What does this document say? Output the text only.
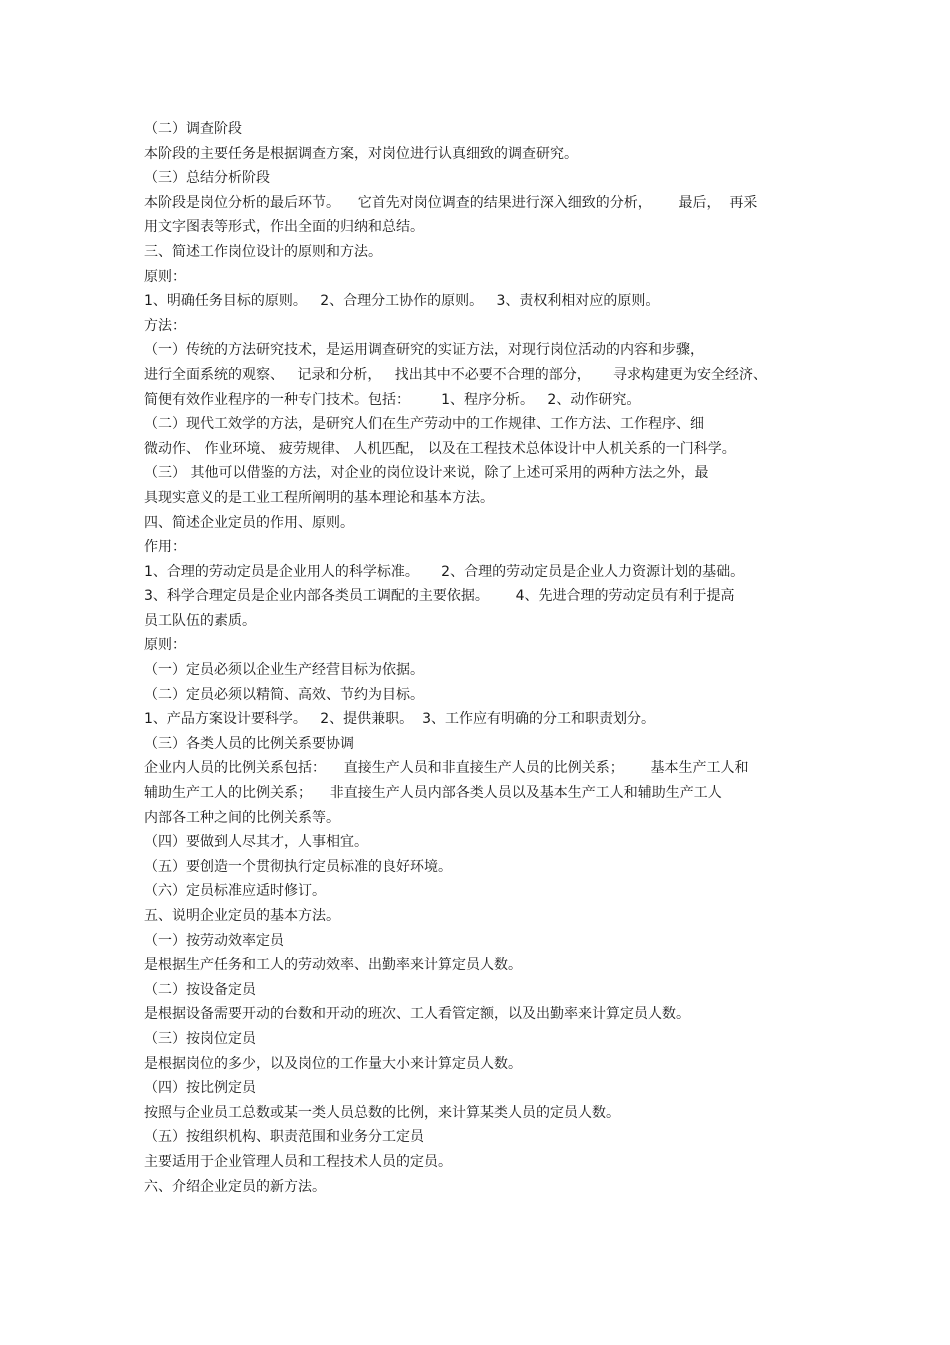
（二）调查阶段
本阶段的主要任务是根据调查方案，对岗位进行认真细致的调查研究。
（三）总结分析阶段
本阶段是岗位分析的最后环节。    它首先对岗位调查的结果进行深入细致的分析，      最后，  再采
用文字图表等形式，作出全面的归纳和总结。
三、简述工作岗位设计的原则和方法。
原则：
1、明确任务目标的原则。   2、合理分工协作的原则。   3、责权利相对应的原则。
方法：
（一）传统的方法研究技术，是运用调查研究的实证方法，对现行岗位活动的内容和步骤，
进行全面系统的观察、   记录和分析，   找出其中不必要不合理的部分，     寻求构建更为安全经济、
简便有效作业程序的一种专门技术。包括：       1、程序分析。   2、动作研究。
（二）现代工效学的方法，是研究人们在生产劳动中的工作规律、工作方法、工作程序、细
微动作、 作业环境、 疲劳规律、 人机匹配， 以及在工程技术总体设计中人机关系的一门科学。
（三） 其他可以借鉴的方法，对企业的岗位设计来说，除了上述可采用的两种方法之外，最
具现实意义的是工业工程所阐明的基本理论和基本方法。
四、简述企业定员的作用、原则。
作用：
1、合理的劳动定员是企业用人的科学标准。     2、合理的劳动定员是企业人力资源计划的基础。
3、科学合理定员是企业内部各类员工调配的主要依据。      4、先进合理的劳动定员有利于提高
员工队伍的素质。
原则：
（一）定员必须以企业生产经营目标为依据。
（二）定员必须以精简、高效、节约为目标。
1、产品方案设计要科学。   2、提供兼职。  3、工作应有明确的分工和职责划分。
（三）各类人员的比例关系要协调
企业内人员的比例关系包括：    直接生产人员和非直接生产人员的比例关系；      基本生产工人和
辅助生产工人的比例关系；    非直接生产人员内部各类人员以及基本生产工人和辅助生产工人
内部各工种之间的比例关系等。
（四）要做到人尽其才，人事相宜。
（五）要创造一个贯彻执行定员标准的良好环境。
（六）定员标准应适时修订。
五、说明企业定员的基本方法。
（一）按劳动效率定员
是根据生产任务和工人的劳动效率、出勤率来计算定员人数。
（二）按设备定员
是根据设备需要开动的台数和开动的班次、工人看管定额，以及出勤率来计算定员人数。
（三）按岗位定员
是根据岗位的多少，以及岗位的工作量大小来计算定员人数。
（四）按比例定员
按照与企业员工总数或某一类人员总数的比例，来计算某类人员的定员人数。
（五）按组织机构、职责范围和业务分工定员
主要适用于企业管理人员和工程技术人员的定员。
六、介绍企业定员的新方法。
